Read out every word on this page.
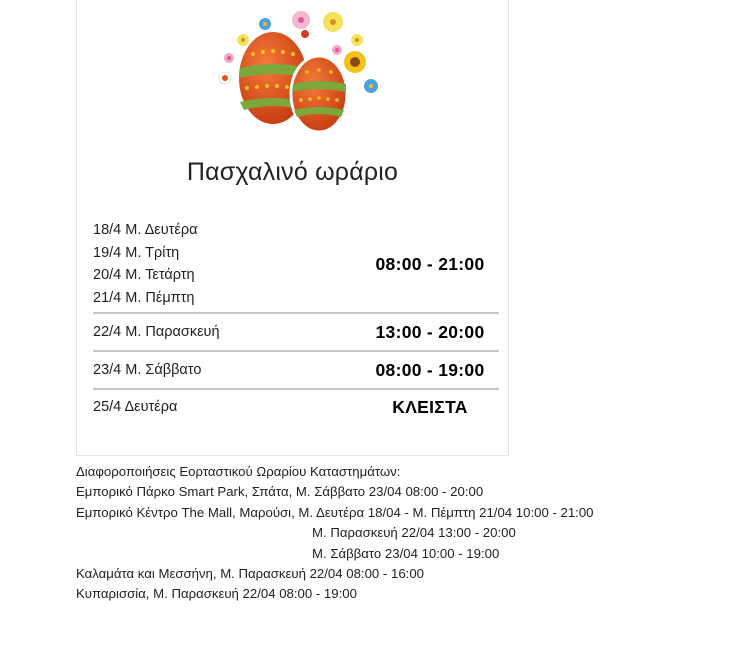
Πασχαλινό ωράριο
18/4 Μ. Δευτέρα
19/4 Μ. Τρίτη
20/4 Μ. Τετάρτη
21/4 Μ. Πέμπτη
08:00 - 21:00
22/4 Μ. Παρασκευή	13:00 - 20:00
23/4 Μ. Σάββατο	08:00 - 19:00
25/4 Δευτέρα	ΚΛΕΙΣΤΑ
Διαφοροποιήσεις Εορταστικού Ωραρίου Καταστημάτων:
Εμπορικό Πάρκο Smart Park, Σπάτα, Μ. Σάββατο 23/04 08:00 - 20:00
Εμπορικό Κέντρο The Mall, Μαρούσι, Μ. Δευτέρα 18/04 - Μ. Πέμπτη 21/04 10:00 - 21:00
Μ. Παρασκευή 22/04 13:00 - 20:00
Μ. Σάββατο 23/04 10:00 - 19:00
Καλαμάτα και Μεσσήνη, Μ. Παρασκευή 22/04 08:00 - 16:00
Κυπαρισσία, Μ. Παρασκευή 22/04 08:00 - 19:00
